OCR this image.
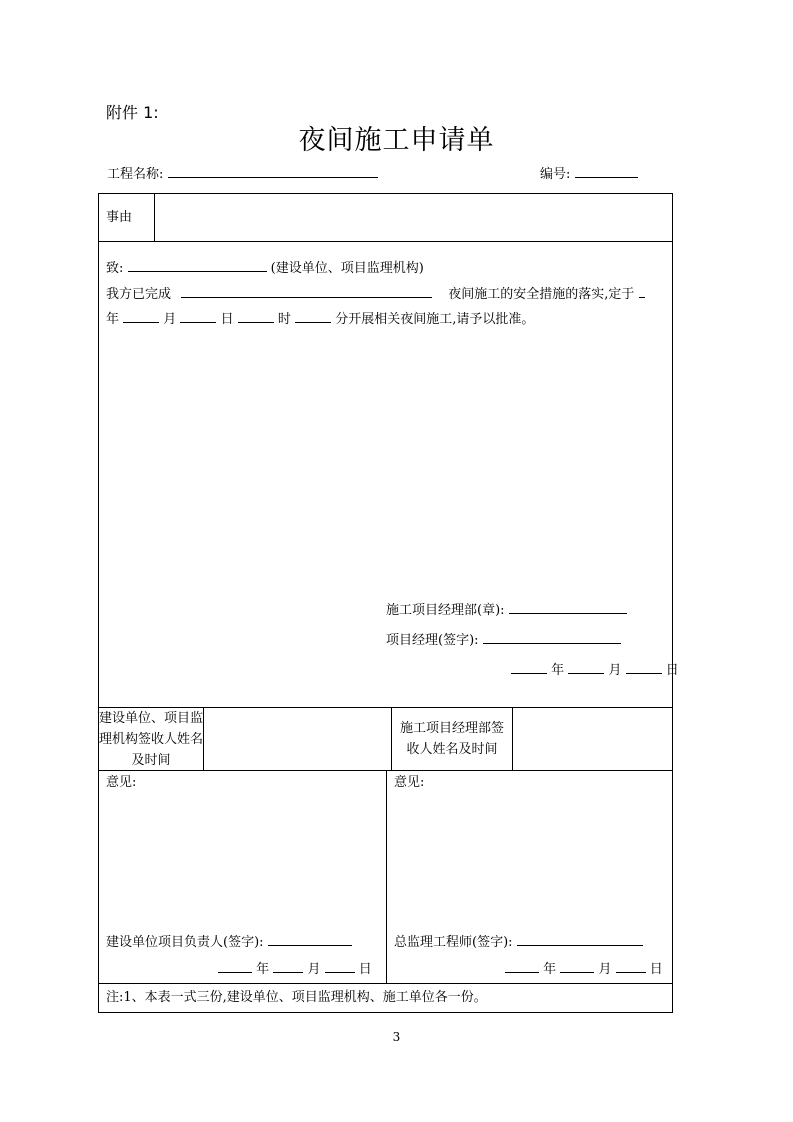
附件 1:
夜间施工申请单
工程名称:	编号:
事由
致:	(建设单位、项目监理机构)
我方已完成	夜间施工的安全措施的落实,定于
年	月	日	时	分开展相关夜间施工,请予以批准。
施工项目经理部(章):
项目经理(签字):
年	月	日
建设单位、项目监理机构签收人姓名及时间
施工项目经理部签收人姓名及时间
意见:
建设单位项目负责人(签字):
年	月	日
意见:
总监理工程师(签字):
年	月	日
注:1、本表一式三份,建设单位、项目监理机构、施工单位各一份。
3
